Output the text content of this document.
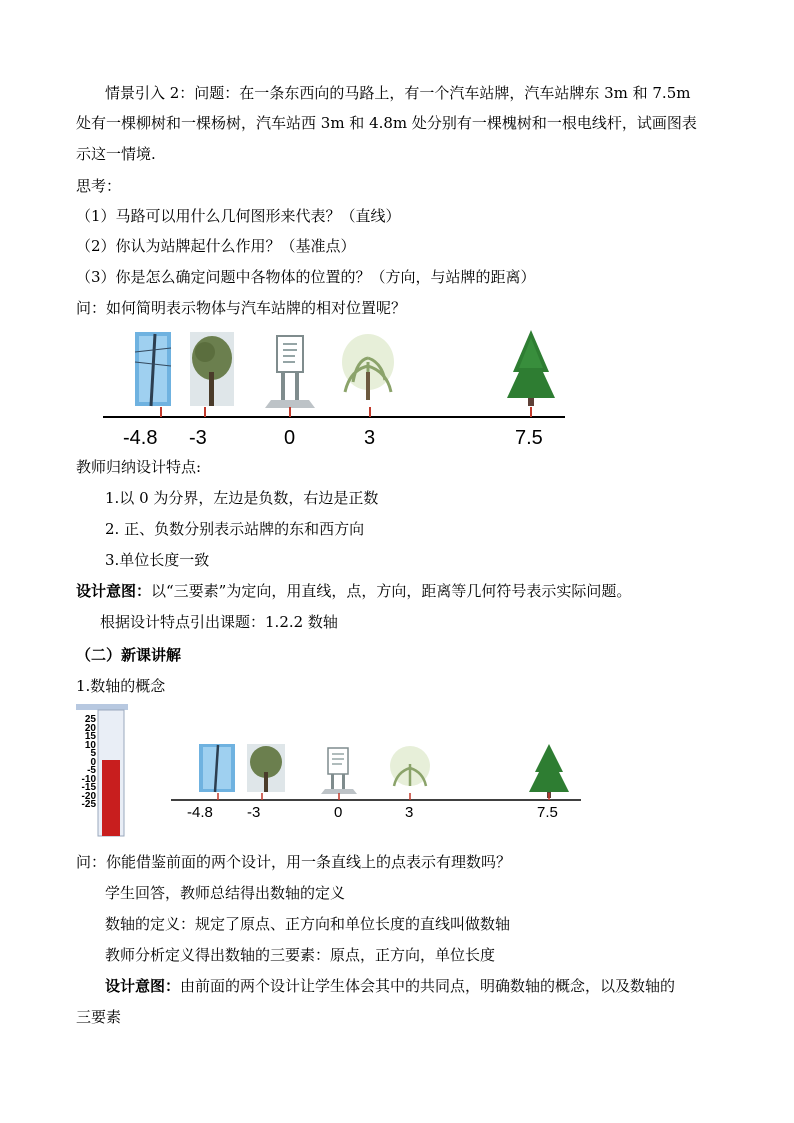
情景引入 2：问题：在一条东西向的马路上，有一个汽车站牌，汽车站牌东 3m 和 7.5m
处有一棵柳树和一棵杨树，汽车站西 3m 和 4.8m 处分别有一棵槐树和一根电线杆，试画图表
示这一情境.
思考：
（1）马路可以用什么几何图形来代表？（直线）
（2）你认为站牌起什么作用？（基准点）
（3）你是怎么确定问题中各物体的位置的？（方向，与站牌的距离）
问：如何简明表示物体与汽车站牌的相对位置呢？
-4.8 -3	0	3	7.5
教师归纳设计特点:
1.以 0 为分界，左边是负数，右边是正数
2. 正、负数分别表示站牌的东和西方向
3.单位长度一致
设计意图：以“三要素”为定向，用直线，点，方向，距离等几何符号表示实际问题。
根据设计特点引出课题：1.2.2 数轴
（二）新课讲解
1.数轴的概念
25
20
15
10
5
0
-5
-10
-15
-20
-25	-4.8 -3	0	3	7.5
问：你能借鉴前面的两个设计，用一条直线上的点表示有理数吗？
学生回答，教师总结得出数轴的定义
数轴的定义：规定了原点、正方向和单位长度的直线叫做数轴
教师分析定义得出数轴的三要素：原点，正方向，单位长度
设计意图：由前面的两个设计让学生体会其中的共同点，明确数轴的概念，以及数轴的
三要素
